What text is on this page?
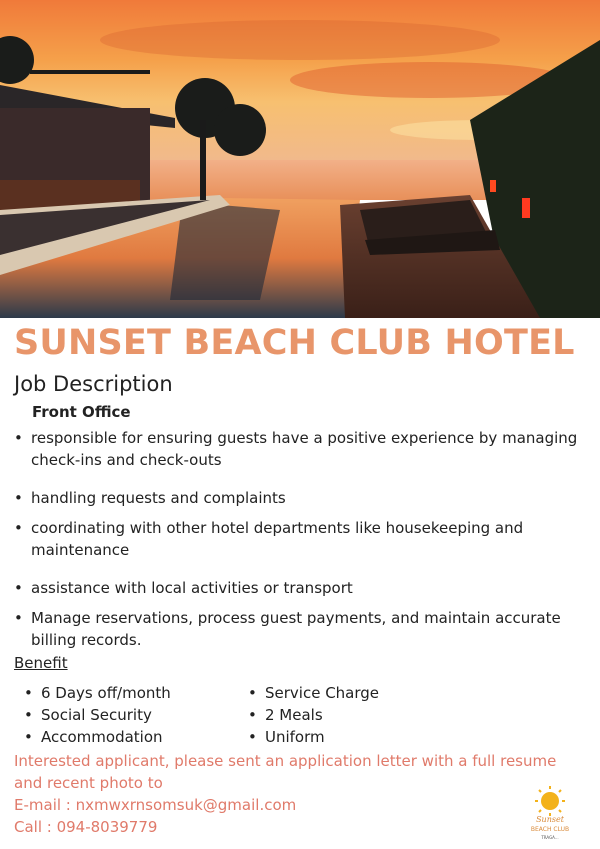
SUNSET BEACH CLUB HOTEL
Job Description
Front Office
• responsible for ensuring guests have a positive experience by managing check-ins and check-outs
• handling requests and complaints
• coordinating with other hotel departments like housekeeping and maintenance
• assistance with local activities or transport
• Manage reservations, process guest payments, and maintain accurate billing records.
Benefit
• 6 Days off/month
• Social Security
• Accommodation
• Service Charge
• 2 Meals
• Uniform
Interested applicant, please sent an application letter with a full resume
and recent photo to
E-mail : nxmwxrnsomsuk@gmail.com
Call : 094-8039779	Sunset
BEACH CLUB
TRAGA...
